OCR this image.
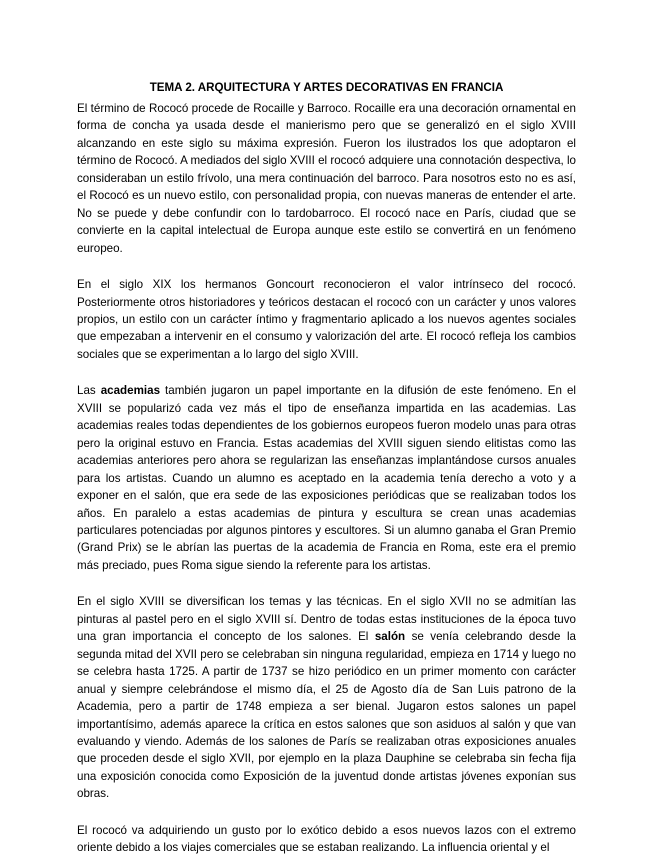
TEMA 2. ARQUITECTURA Y ARTES DECORATIVAS EN FRANCIA

El término de Rococó procede de Rocaille y Barroco. Rocaille era una decoración ornamental en forma de concha ya usada desde el manierismo pero que se generalizó en el siglo XVIII alcanzando en este siglo su máxima expresión. Fueron los ilustrados los que adoptaron el término de Rococó. A mediados del siglo XVIII el rococó adquiere una connotación despectiva, lo consideraban un estilo frívolo, una mera continuación del barroco. Para nosotros esto no es así, el Rococó es un nuevo estilo, con personalidad propia, con nuevas maneras de entender el arte. No se puede y debe confundir con lo tardobarroco. El rococó nace en París, ciudad que se convierte en la capital intelectual de Europa aunque este estilo se convertirá en un fenómeno europeo.

En el siglo XIX los hermanos Goncourt reconocieron el valor intrínseco del rococó. Posteriormente otros historiadores y teóricos destacan el rococó con un carácter y unos valores propios, un estilo con un carácter íntimo y fragmentario aplicado a los nuevos agentes sociales que empezaban a intervenir en el consumo y valorización del arte. El rococó refleja los cambios sociales que se experimentan a lo largo del siglo XVIII.

Las academias también jugaron un papel importante en la difusión de este fenómeno. En el XVIII se popularizó cada vez más el tipo de enseñanza impartida en las academias. Las academias reales todas dependientes de los gobiernos europeos fueron modelo unas para otras pero la original estuvo en Francia. Estas academias del XVIII siguen siendo elitistas como las academias anteriores pero ahora se regularizan las enseñanzas implantándose cursos anuales para los artistas. Cuando un alumno es aceptado en la academia tenía derecho a voto y a exponer en el salón, que era sede de las exposiciones periódicas que se realizaban todos los años. En paralelo a estas academias de pintura y escultura se crean unas academias particulares potenciadas por algunos pintores y escultores. Si un alumno ganaba el Gran Premio (Grand Prix) se le abrían las puertas de la academia de Francia en Roma, este era el premio más preciado, pues Roma sigue siendo la referente para los artistas.

En el siglo XVIII se diversifican los temas y las técnicas. En el siglo XVII no se admitían las pinturas al pastel pero en el siglo XVIII sí. Dentro de todas estas instituciones de la época tuvo una gran importancia el concepto de los salones. El salón se venía celebrando desde la segunda mitad del XVII pero se celebraban sin ninguna regularidad, empieza en 1714 y luego no se celebra hasta 1725. A partir de 1737 se hizo periódico en un primer momento con carácter anual y siempre celebrándose el mismo día, el 25 de Agosto día de San Luis patrono de la Academia, pero a partir de 1748 empieza a ser bienal. Jugaron estos salones un papel importantísimo, además aparece la crítica en estos salones que son asiduos al salón y que van evaluando y viendo. Además de los salones de París se realizaban otras exposiciones anuales que proceden desde el siglo XVII, por ejemplo en la plaza Dauphine se celebraba sin fecha fija una exposición conocida como Exposición de la juventud donde artistas jóvenes exponían sus obras.

El rococó va adquiriendo un gusto por lo exótico debido a esos nuevos lazos con el extremo oriente debido a los viajes comerciales que se estaban realizando. La influencia oriental y el
